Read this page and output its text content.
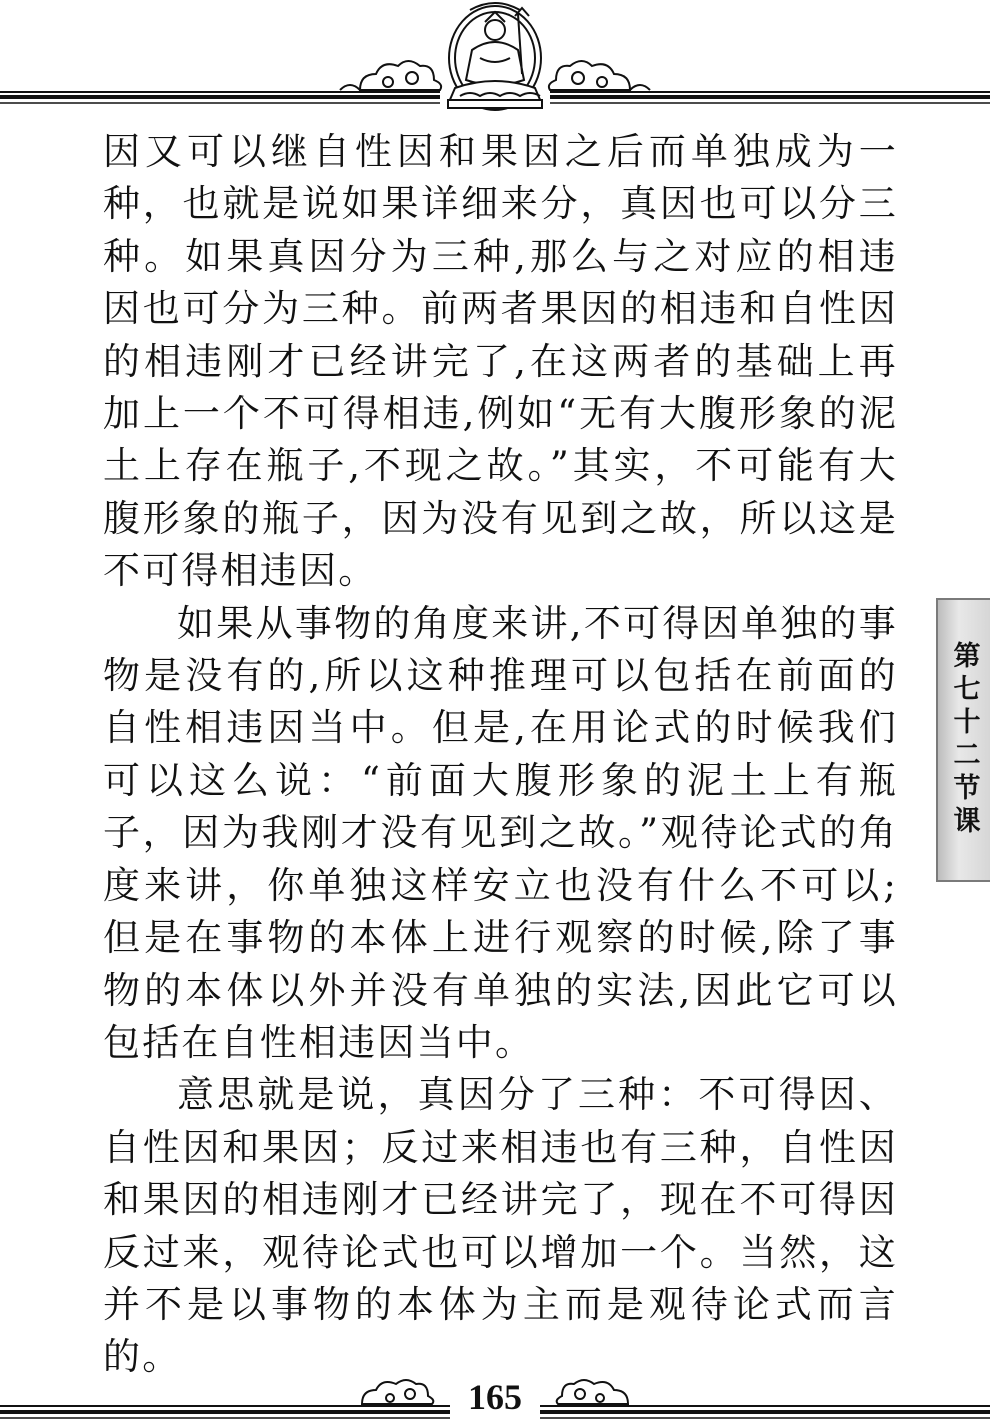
因又可以继自性因和果因之后而单独成为一种，也就是说如果详细来分，真因也可以分三种。如果真因分为三种,那么与之对应的相违因也可分为三种。前两者果因的相违和自性因的相违刚才已经讲完了,在这两者的基础上再加上一个不可得相违,例如“无有大腹形象的泥土上存在瓶子,不现之故。”其实，不可能有大腹形象的瓶子，因为没有见到之故，所以这是不可得相违因。

如果从事物的角度来讲,不可得因单独的事物是没有的,所以这种推理可以包括在前面的自性相违因当中。但是,在用论式的时候我们可以这么说：“前面大腹形象的泥土上有瓶子，因为我刚才没有见到之故。”观待论式的角度来讲，你单独这样安立也没有什么不可以;但是在事物的本体上进行观察的时候,除了事物的本体以外并没有单独的实法,因此它可以包括在自性相违因当中。

意思就是说，真因分了三种：不可得因、自性因和果因；反过来相违也有三种，自性因和果因的相违刚才已经讲完了，现在不可得因反过来，观待论式也可以增加一个。当然，这并不是以事物的本体为主而是观待论式而言的。

第七十二节课
165
